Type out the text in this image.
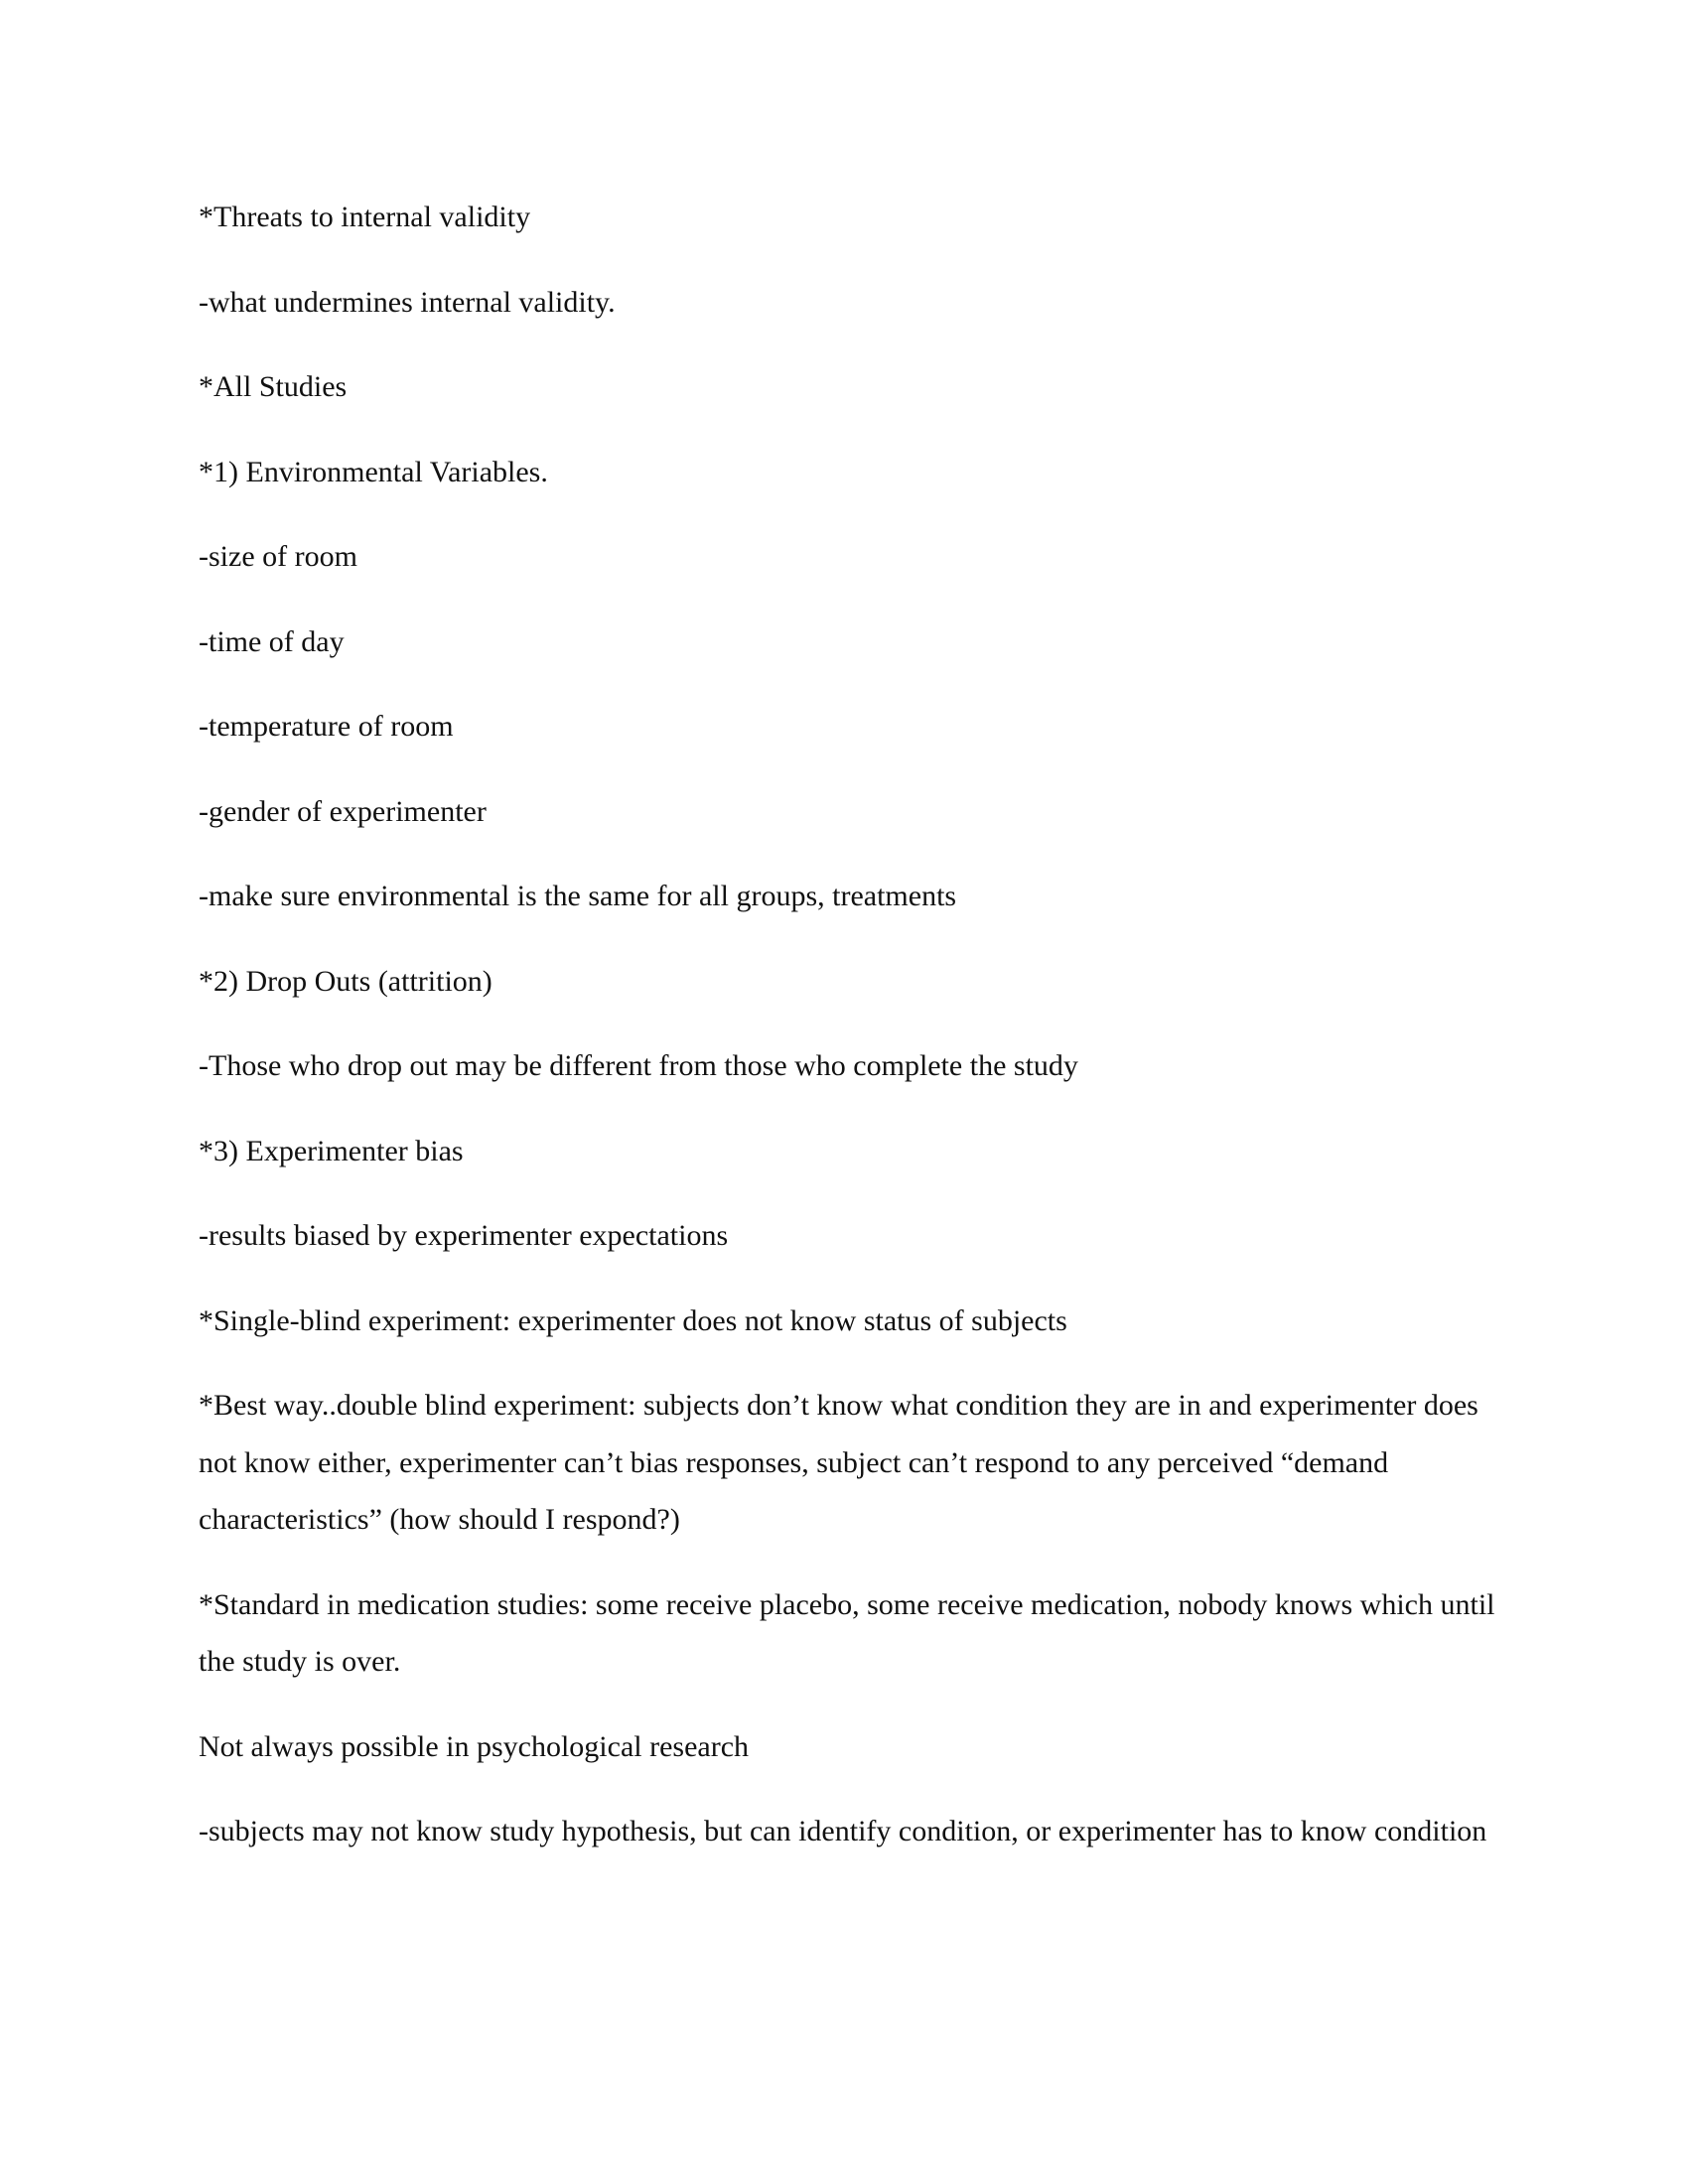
*Threats to internal validity

-what undermines internal validity.

*All Studies

*1) Environmental Variables.

-size of room

-time of day

-temperature of room

-gender of experimenter

-make sure environmental is the same for all groups, treatments

*2) Drop Outs (attrition)

-Those who drop out may be different from those who complete the study

*3) Experimenter bias

-results biased by experimenter expectations

*Single-blind experiment: experimenter does not know status of subjects

*Best way..double blind experiment: subjects don’t know what condition they are in and experimenter does not know either, experimenter can’t bias responses, subject can’t respond to any perceived “demand characteristics” (how should I respond?)

*Standard in medication studies: some receive placebo, some receive medication, nobody knows which until the study is over.

Not always possible in psychological research

-subjects may not know study hypothesis, but can identify condition, or experimenter has to know condition
